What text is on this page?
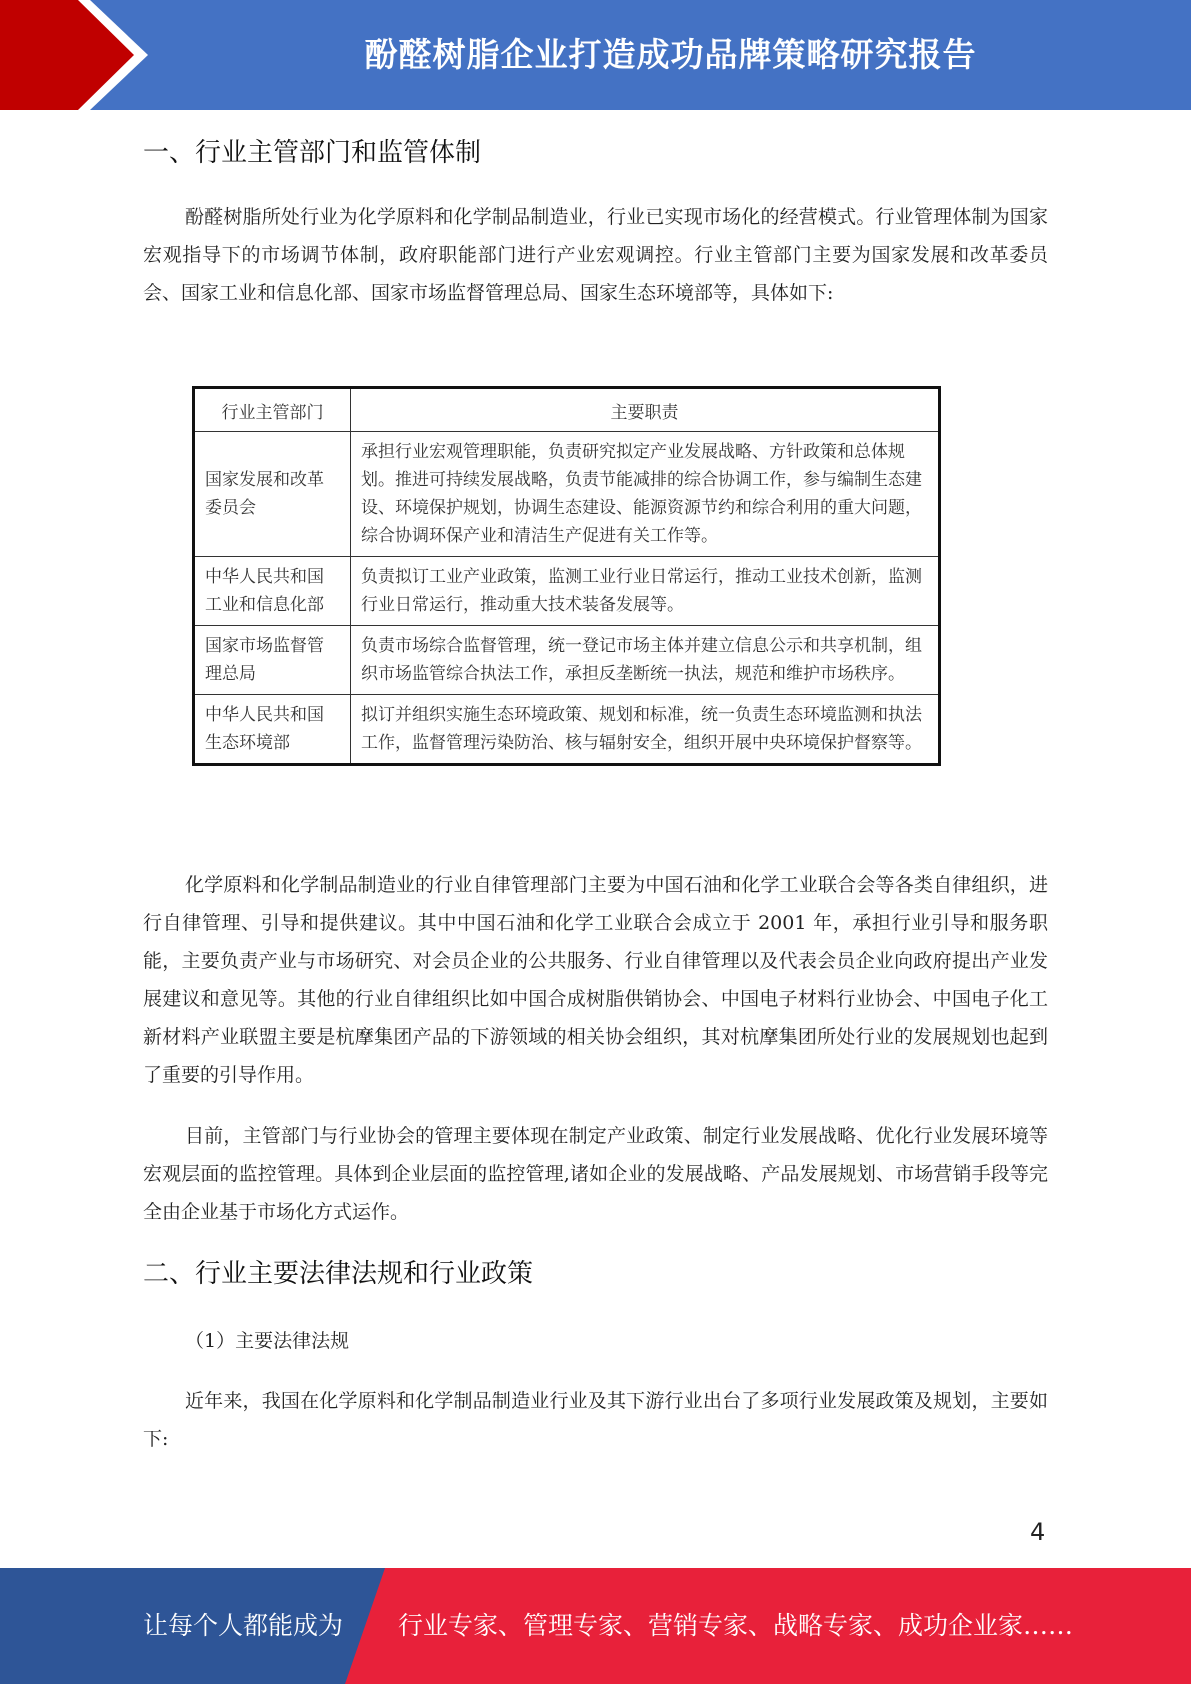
酚醛树脂企业打造成功品牌策略研究报告
一、行业主管部门和监管体制

酚醛树脂所处行业为化学原料和化学制品制造业，行业已实现市场化的经营模式。行业管理体制为国家宏观指导下的市场调节体制，政府职能部门进行产业宏观调控。行业主管部门主要为国家发展和改革委员会、国家工业和信息化部、国家市场监督管理总局、国家生态环境部等，具体如下:

行业主管部门	主要职责
国家发展和改革委员会	承担行业宏观管理职能，负责研究拟定产业发展战略、方针政策和总体规划。推进可持续发展战略，负责节能减排的综合协调工作，参与编制生态建设、环境保护规划，协调生态建设、能源资源节约和综合利用的重大问题，综合协调环保产业和清洁生产促进有关工作等。
中华人民共和国工业和信息化部	负责拟订工业产业政策，监测工业行业日常运行，推动工业技术创新，监测行业日常运行，推动重大技术装备发展等。
国家市场监督管理总局	负责市场综合监督管理，统一登记市场主体并建立信息公示和共享机制，组织市场监管综合执法工作，承担反垄断统一执法，规范和维护市场秩序。
中华人民共和国生态环境部	拟订并组织实施生态环境政策、规划和标准，统一负责生态环境监测和执法工作，监督管理污染防治、核与辐射安全，组织开展中央环境保护督察等。

化学原料和化学制品制造业的行业自律管理部门主要为中国石油和化学工业联合会等各类自律组织，进行自律管理、引导和提供建议。其中中国石油和化学工业联合会成立于 2001 年，承担行业引导和服务职能，主要负责产业与市场研究、对会员企业的公共服务、行业自律管理以及代表会员企业向政府提出产业发展建议和意见等。其他的行业自律组织比如中国合成树脂供销协会、中国电子材料行业协会、中国电子化工新材料产业联盟主要是杭摩集团产品的下游领域的相关协会组织，其对杭摩集团所处行业的发展规划也起到了重要的引导作用。

目前，主管部门与行业协会的管理主要体现在制定产业政策、制定行业发展战略、优化行业发展环境等宏观层面的监控管理。具体到企业层面的监控管理,诸如企业的发展战略、产品发展规划、市场营销手段等完全由企业基于市场化方式运作。

二、行业主要法律法规和行业政策

（1）主要法律法规

近年来，我国在化学原料和化学制品制造业行业及其下游行业出台了多项行业发展政策及规划，主要如下:

4
让每个人都能成为 行业专家、管理专家、营销专家、战略专家、成功企业家……
